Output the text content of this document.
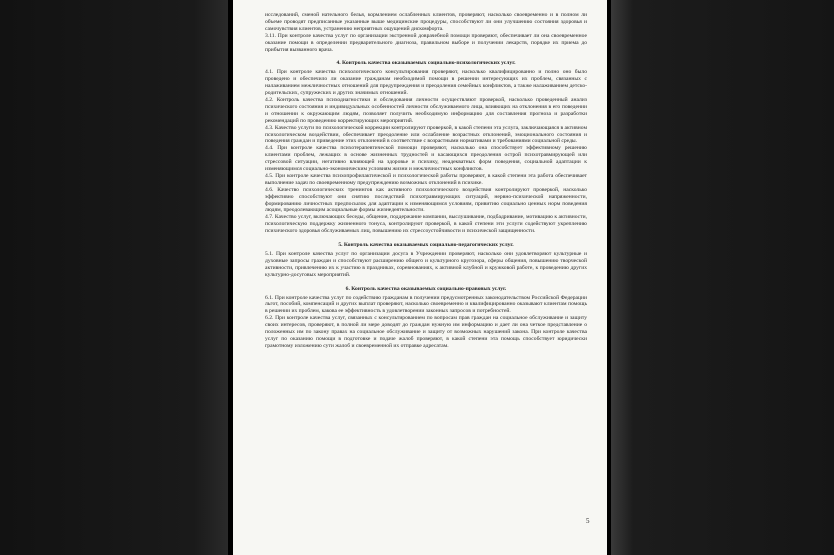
исследований, сменой нательного белья, кормлением ослабленных клиентов, проверяют, насколько своевременно и в полном ли объеме проводят предписанные указанные выше медицинские процедуры, способствуют ли они улучшению состояния здоровья и самочувствия клиентов, устранению неприятных ощущений дискомфорта.

3.11. При контроле качества услуг по организации экстренной доврачебной помощи проверяют, обеспечивает ли она своевременное оказание помощи в определении предварительного диагноза, правильном выборе и получении лекарств, порядке их приема до прибытия вызванного врача.

4. Контроль качества оказываемых социально-психологических услуг.

4.1. При контроле качества психологического консультирования проверяют, насколько квалифицированно и полно оно было проведено и обеспечило ли оказание гражданам необходимой помощи в решении интересующих их проблем, связанных с налаживанием межличностных отношений для предупреждения и преодоления семейных конфликтов, а также налаживанием детско-родительских, супружеских и других значимых отношений.

4.2. Контроль качества психодиагностики и обследования личности осуществляют проверкой, насколько проведенный анализ психического состояния и индивидуальных особенностей личности обслуживаемого лица, влияющих на отклонения в его поведении и отношении к окружающим людям, позволяет получить необходимую информацию для составления прогноза и разработки рекомендаций по проведению корректирующих мероприятий.

4.3. Качество услуги по психологической коррекции контролируют проверкой, в какой степени эта услуга, заключающаяся в активном психологическом воздействии, обеспечивает преодоление или ослабление возрастных отклонений, эмоционального состояния и поведения граждан и приведение этих отклонений в соответствие с возрастными нормативами и требованиями социальной среды.

4.4. При контроле качества психотерапевтической помощи проверяют, насколько она способствует эффективному решению клиентами проблем, лежащих в основе жизненных трудностей и касающихся преодоления острой психотравмирующей или стрессовой ситуации, негативно влияющей на здоровье и психику, неадекватных форм поведения, социальной адаптации к изменяющимся социально-экономическим условиям жизни и межличностных конфликтов.

4.5. При контроле качества психопрофилактической и психологической работы проверяют, в какой степени эта работа обеспечивает выполнение задач по своевременному предупреждению возможных отклонений в психике.

4.6. Качество психологических тренингов как активного психологического воздействия контролируют проверкой, насколько эффективно способствуют они снятию последствий психотравмирующих ситуаций, нервно-психической напряженности, формированию личностных предпосылок для адаптации к изменяющимся условиям, привитию социально ценных норм поведения людям, преодолевающим асоциальные формы жизнедеятельности.

4.7. Качество услуг, включающих беседы, общение, поддержание компании, выслушивание, подбадривание, мотивацию к активности, психологическую поддержку жизненного тонуса, контролируют проверкой, в какой степени эти услуги содействуют укреплению психического здоровья обслуживаемых лиц, повышению их стрессоустойчивости и психической защищенности.

5. Контроль качества оказываемых социально-педагогических услуг.

5.1. При контроле качества услуг по организации досуга в Учреждении проверяют, насколько они удовлетворяют культурные и духовные запросы граждан и способствуют расширению общего и культурного кругозора, сферы общения, повышению творческой активности, привлечению их к участию в праздниках, соревнованиях, к активной клубной и кружковой работе, к проведению других культурно-досуговых мероприятий.

6. Контроль качества оказываемых социально-правовых услуг.

6.1. При контроле качества услуг по содействию гражданам в получении предусмотренных законодательством Российской Федерации льгот, пособий, компенсаций и других выплат проверяют, насколько своевременно и квалифицированно оказывают клиентам помощь в решении их проблем, какова ее эффективность в удовлетворении законных запросов и потребностей.

6.2. При контроле качества услуг, связанных с консультированием по вопросам прав граждан на социальное обслуживание и защиту своих интересов, проверяют, в полной ли мере доводят до граждан нужную им информацию и дает ли она четкое представление о положенных им по закону правах на социальное обслуживание и защиту от возможных нарушений закона. При контроле качества услуг по оказанию помощи в подготовке и подаче жалоб проверяют, в какой степени эта помощь способствует юридически грамотному изложению сути жалоб и своевременной их отправке адресатам.

5
